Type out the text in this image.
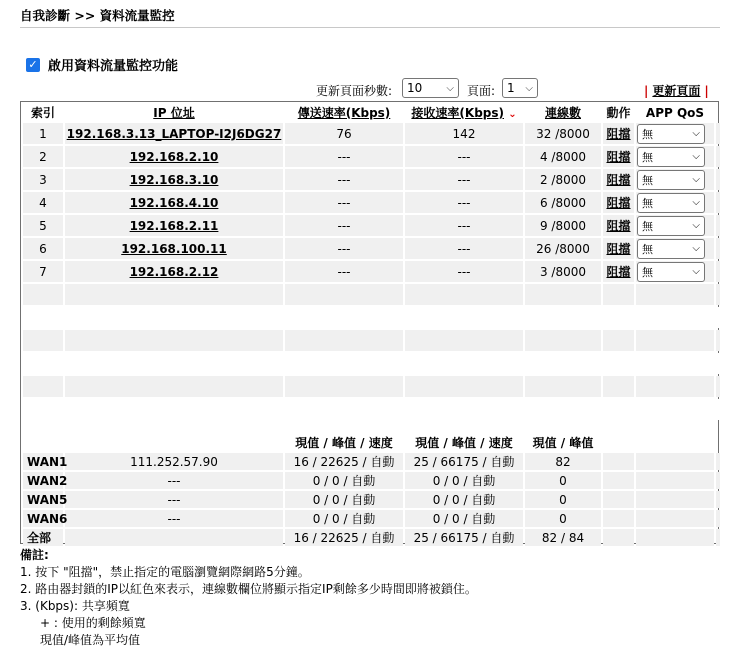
自我診斷 >> 資料流量監控
✓ 啟用資料流量監控功能
更新頁面秒數: 10 ⌵ 頁面: 1 ⌵	| 更新頁面 |
索引	IP 位址	傳送速率(Kbps)	接收速率(Kbps) ⌄	連線數	動作	APP QoS	
1	192.168.3.13_LAPTOP-I2J6DG27	76	142	32 /8000	阻擋	無 ⌵	

2	192.168.2.10	---	---	4 /8000	阻擋	無 ⌵	

3	192.168.3.10	---	---	2 /8000	阻擋	無 ⌵	

4	192.168.4.10	---	---	6 /8000	阻擋	無 ⌵	

5	192.168.2.11	---	---	9 /8000	阻擋	無 ⌵	

6	192.168.100.11	---	---	26 /8000	阻擋	無 ⌵	

7	192.168.2.12	---	---	3 /8000	阻擋	無 ⌵	

		現值 / 峰值 / 速度	現值 / 峰值 / 速度	現值 / 峰值			
WAN1	111.252.57.90	16 / 22625 / 自動	25 / 66175 / 自動	82			
WAN2	---	0 / 0 / 自動	0 / 0 / 自動	0			
WAN5	---	0 / 0 / 自動	0 / 0 / 自動	0			
WAN6	---	0 / 0 / 自動	0 / 0 / 自動	0			
全部		16 / 22625 / 自動	25 / 66175 / 自動	82 / 84			
備註:
1. 按下 "阻擋"，禁止指定的電腦瀏覽網際網路5分鐘。
2. 路由器封鎖的IP以紅色來表示，連線數欄位將顯示指定IP剩餘多少時間即將被鎖住。
3. (Kbps): 共享頻寬
+ : 使用的剩餘頻寬
現值/峰值為平均值
